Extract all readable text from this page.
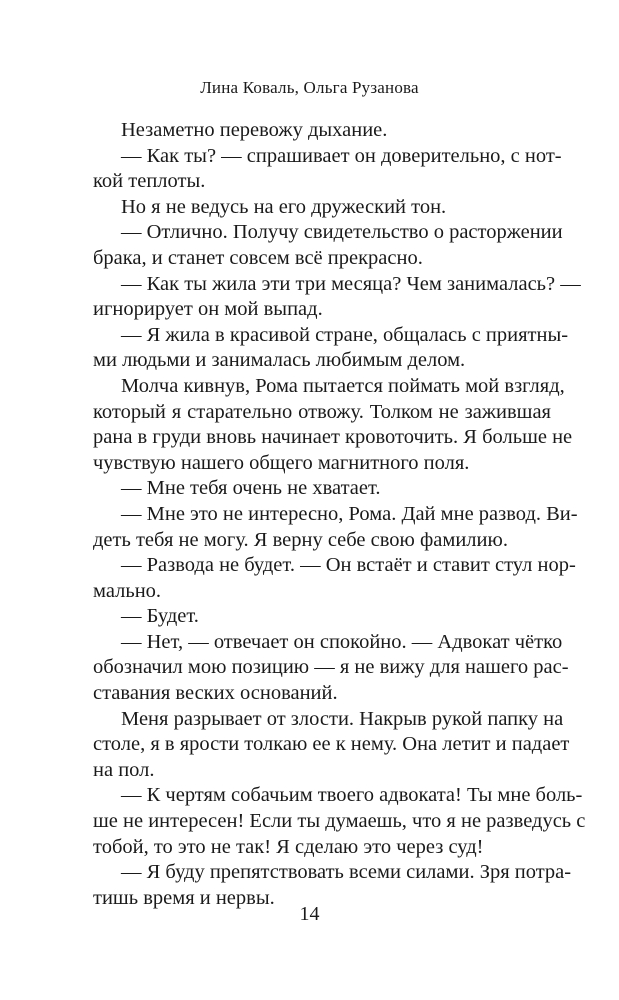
Лина Коваль, Ольга Рузанова
Незаметно перевожу дыхание.
— Как ты? — спрашивает он доверительно, с нот-
кой теплоты.
Но я не ведусь на его дружеский тон.
— Отлично. Получу свидетельство о расторжении
брака, и станет совсем всё прекрасно.
— Как ты жила эти три месяца? Чем занималась? —
игнорирует он мой выпад.
— Я жила в красивой стране, общалась с приятны-
ми людьми и занималась любимым делом.
Молча кивнув, Рома пытается поймать мой взгляд,
который я старательно отвожу. Толком не зажившая
рана в груди вновь начинает кровоточить. Я больше не
чувствую нашего общего магнитного поля.
— Мне тебя очень не хватает.
— Мне это не интересно, Рома. Дай мне развод. Ви-
деть тебя не могу. Я верну себе свою фамилию.
— Развода не будет. — Он встаёт и ставит стул нор-
мально.
— Будет.
— Нет, — отвечает он спокойно. — Адвокат чётко
обозначил мою позицию — я не вижу для нашего рас-
ставания веских оснований.
Меня разрывает от злости. Накрыв рукой папку на
столе, я в ярости толкаю ее к нему. Она летит и падает
на пол.
— К чертям собачьим твоего адвоката! Ты мне боль-
ше не интересен! Если ты думаешь, что я не разведусь с
тобой, то это не так! Я сделаю это через суд!
— Я буду препятствовать всеми силами. Зря потра-
тишь время и нервы.
14
